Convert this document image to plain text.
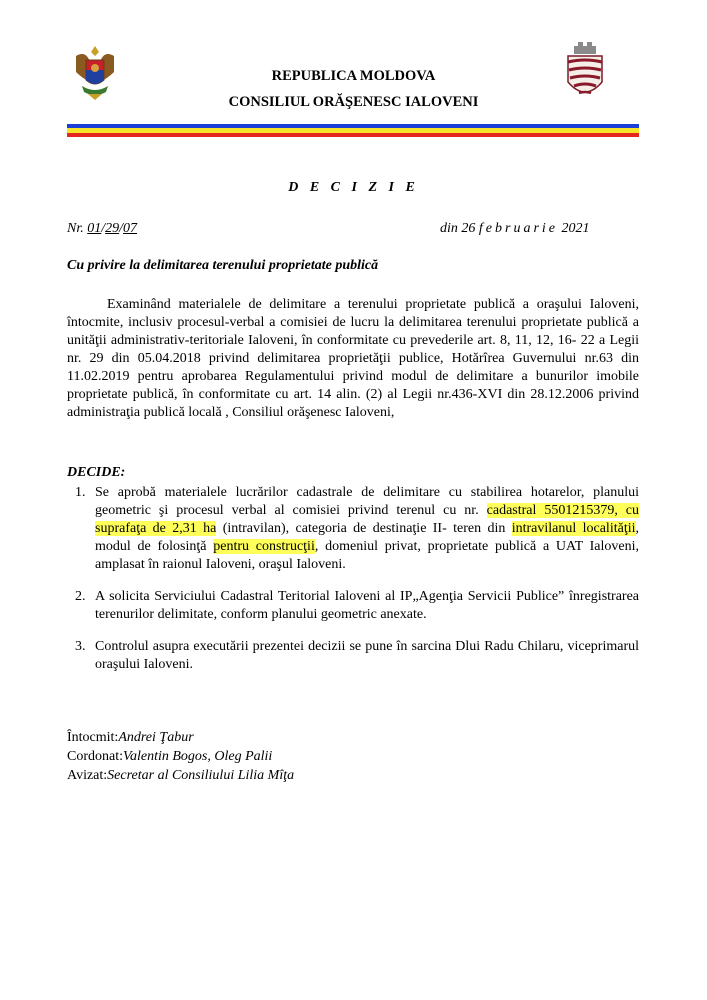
REPUBLICA MOLDOVA
CONSILIUL ORĂŞENESC IALOVENI
D E C I Z I E
Nr. 01/29/07	din 26 februarie 2021
Cu privire la delimitarea terenului proprietate publică
Examinând materialele de delimitare a terenului proprietate publică a oraşului Ialoveni, întocmite, inclusiv procesul-verbal a comisiei de lucru la delimitarea terenului proprietate publică a unităţii administrativ-teritoriale Ialoveni, în conformitate cu prevederile art. 8, 11, 12, 16- 22 a Legii nr. 29 din 05.04.2018 privind delimitarea proprietăţii publice, Hotărîrea Guvernului nr.63 din 11.02.2019 pentru aprobarea Regulamentului privind modul de delimitare a bunurilor imobile proprietate publică, în conformitate cu art. 14 alin. (2) al Legii nr.436-XVI din 28.12.2006 privind administraţia publică locală , Consiliul orăşenesc Ialoveni,
DECIDE:
1. Se aprobă materialele lucrărilor cadastrale de delimitare cu stabilirea hotarelor, planului geometric şi procesul verbal al comisiei privind terenul cu nr. cadastral 5501215379, cu suprafaţa de 2,31 ha (intravilan), categoria de destinaţie II- teren din intravilanul localităţii, modul de folosinţă pentru construcţii, domeniul privat, proprietate publică a UAT Ialoveni, amplasat în raionul Ialoveni, oraşul Ialoveni.
2. A solicita Serviciului Cadastral Teritorial Ialoveni al IP„Agenţia Servicii Publice” înregistrarea terenurilor delimitate, conform planului geometric anexate.
3. Controlul asupra executării prezentei decizii se pune în sarcina Dlui Radu Chilaru, viceprimarul oraşului Ialoveni.
Întocmit:Andrei Ţabur
Cordonat:Valentin Bogos, Oleg Palii
Avizat:Secretar al Consiliului Lilia Mîţa
